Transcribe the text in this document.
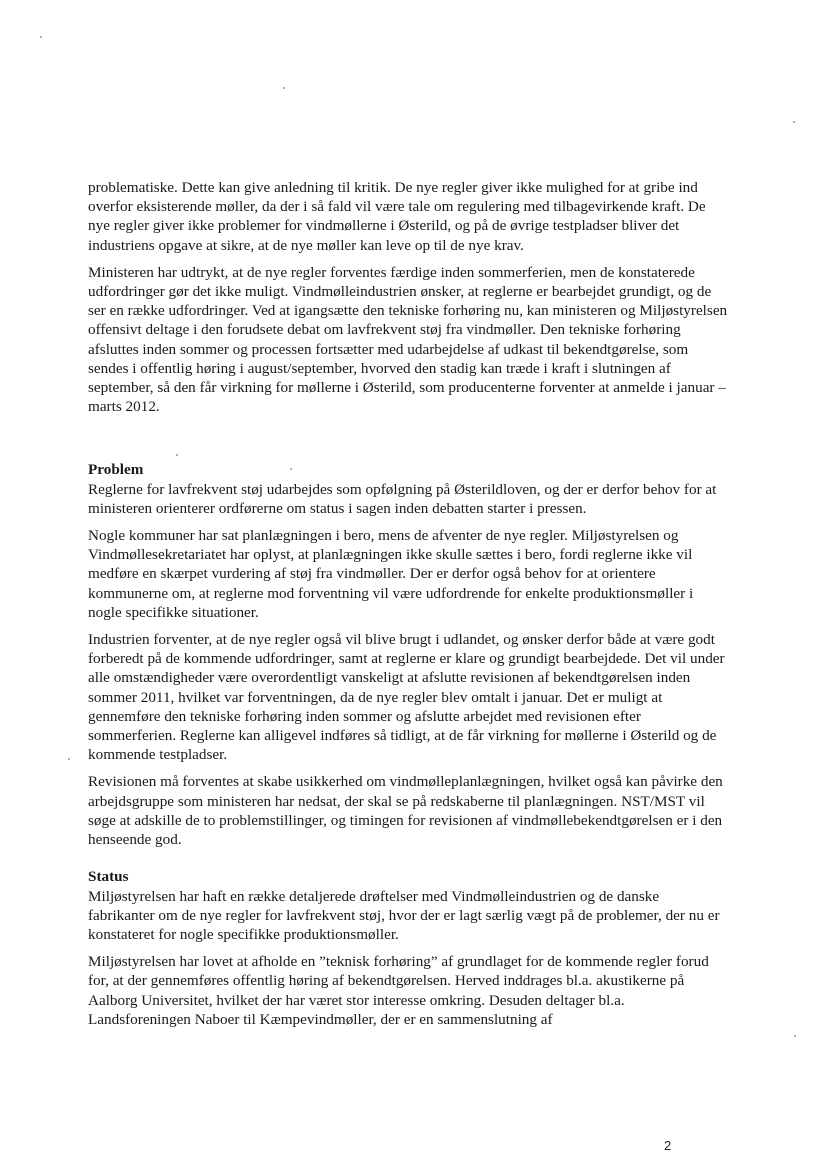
problematiske. Dette kan give anledning til kritik. De nye regler giver ikke mulighed for at gribe ind overfor eksisterende møller, da der i så fald vil være tale om regulering med tilbagevirkende kraft. De nye regler giver ikke problemer for vindmøllerne i Østerild, og på de øvrige testpladser bliver det industriens opgave at sikre, at de nye møller kan leve op til de nye krav.

Ministeren har udtrykt, at de nye regler forventes færdige inden sommerferien, men de konstaterede udfordringer gør det ikke muligt. Vindmølleindustrien ønsker, at reglerne er bearbejdet grundigt, og de ser en række udfordringer. Ved at igangsætte den tekniske forhøring nu, kan ministeren og Miljøstyrelsen offensivt deltage i den forudsete debat om lavfrekvent støj fra vindmøller. Den tekniske forhøring afsluttes inden sommer og processen fortsætter med udarbejdelse af udkast til bekendtgørelse, som sendes i offentlig høring i august/september, hvorved den stadig kan træde i kraft i slutningen af september, så den får virkning for møllerne i Østerild, som producenterne forventer at anmelde i januar – marts 2012.

Problem

Reglerne for lavfrekvent støj udarbejdes som opfølgning på Østerildloven, og der er derfor behov for at ministeren orienterer ordførerne om status i sagen inden debatten starter i pressen.

Nogle kommuner har sat planlægningen i bero, mens de afventer de nye regler. Miljøstyrelsen og Vindmøllesekretariatet har oplyst, at planlægningen ikke skulle sættes i bero, fordi reglerne ikke vil medføre en skærpet vurdering af støj fra vindmøller. Der er derfor også behov for at orientere kommunerne om, at reglerne mod forventning vil være udfordrende for enkelte produktionsmøller i nogle specifikke situationer.

Industrien forventer, at de nye regler også vil blive brugt i udlandet, og ønsker derfor både at være godt forberedt på de kommende udfordringer, samt at reglerne er klare og grundigt bearbejdede. Det vil under alle omstændigheder være overordentligt vanskeligt at afslutte revisionen af bekendtgørelsen inden sommer 2011, hvilket var forventningen, da de nye regler blev omtalt i januar. Det er muligt at gennemføre den tekniske forhøring inden sommer og afslutte arbejdet med revisionen efter sommerferien. Reglerne kan alligevel indføres så tidligt, at de får virkning for møllerne i Østerild og de kommende testpladser.

Revisionen må forventes at skabe usikkerhed om vindmølleplanlægningen, hvilket også kan påvirke den arbejdsgruppe som ministeren har nedsat, der skal se på redskaberne til planlægningen. NST/MST vil søge at adskille de to problemstillinger, og timingen for revisionen af vindmøllebekendtgørelsen er i den henseende god.

Status

Miljøstyrelsen har haft en række detaljerede drøftelser med Vindmølleindustrien og de danske fabrikanter om de nye regler for lavfrekvent støj, hvor der er lagt særlig vægt på de problemer, der nu er konstateret for nogle specifikke produktionsmøller.

Miljøstyrelsen har lovet at afholde en ”teknisk forhøring” af grundlaget for de kommende regler forud for, at der gennemføres offentlig høring af bekendtgørelsen. Herved inddrages bl.a. akustikerne på Aalborg Universitet, hvilket der har været stor interesse omkring. Desuden deltager bl.a. Landsforeningen Naboer til Kæmpevindmøller, der er en sammenslutning af

2
